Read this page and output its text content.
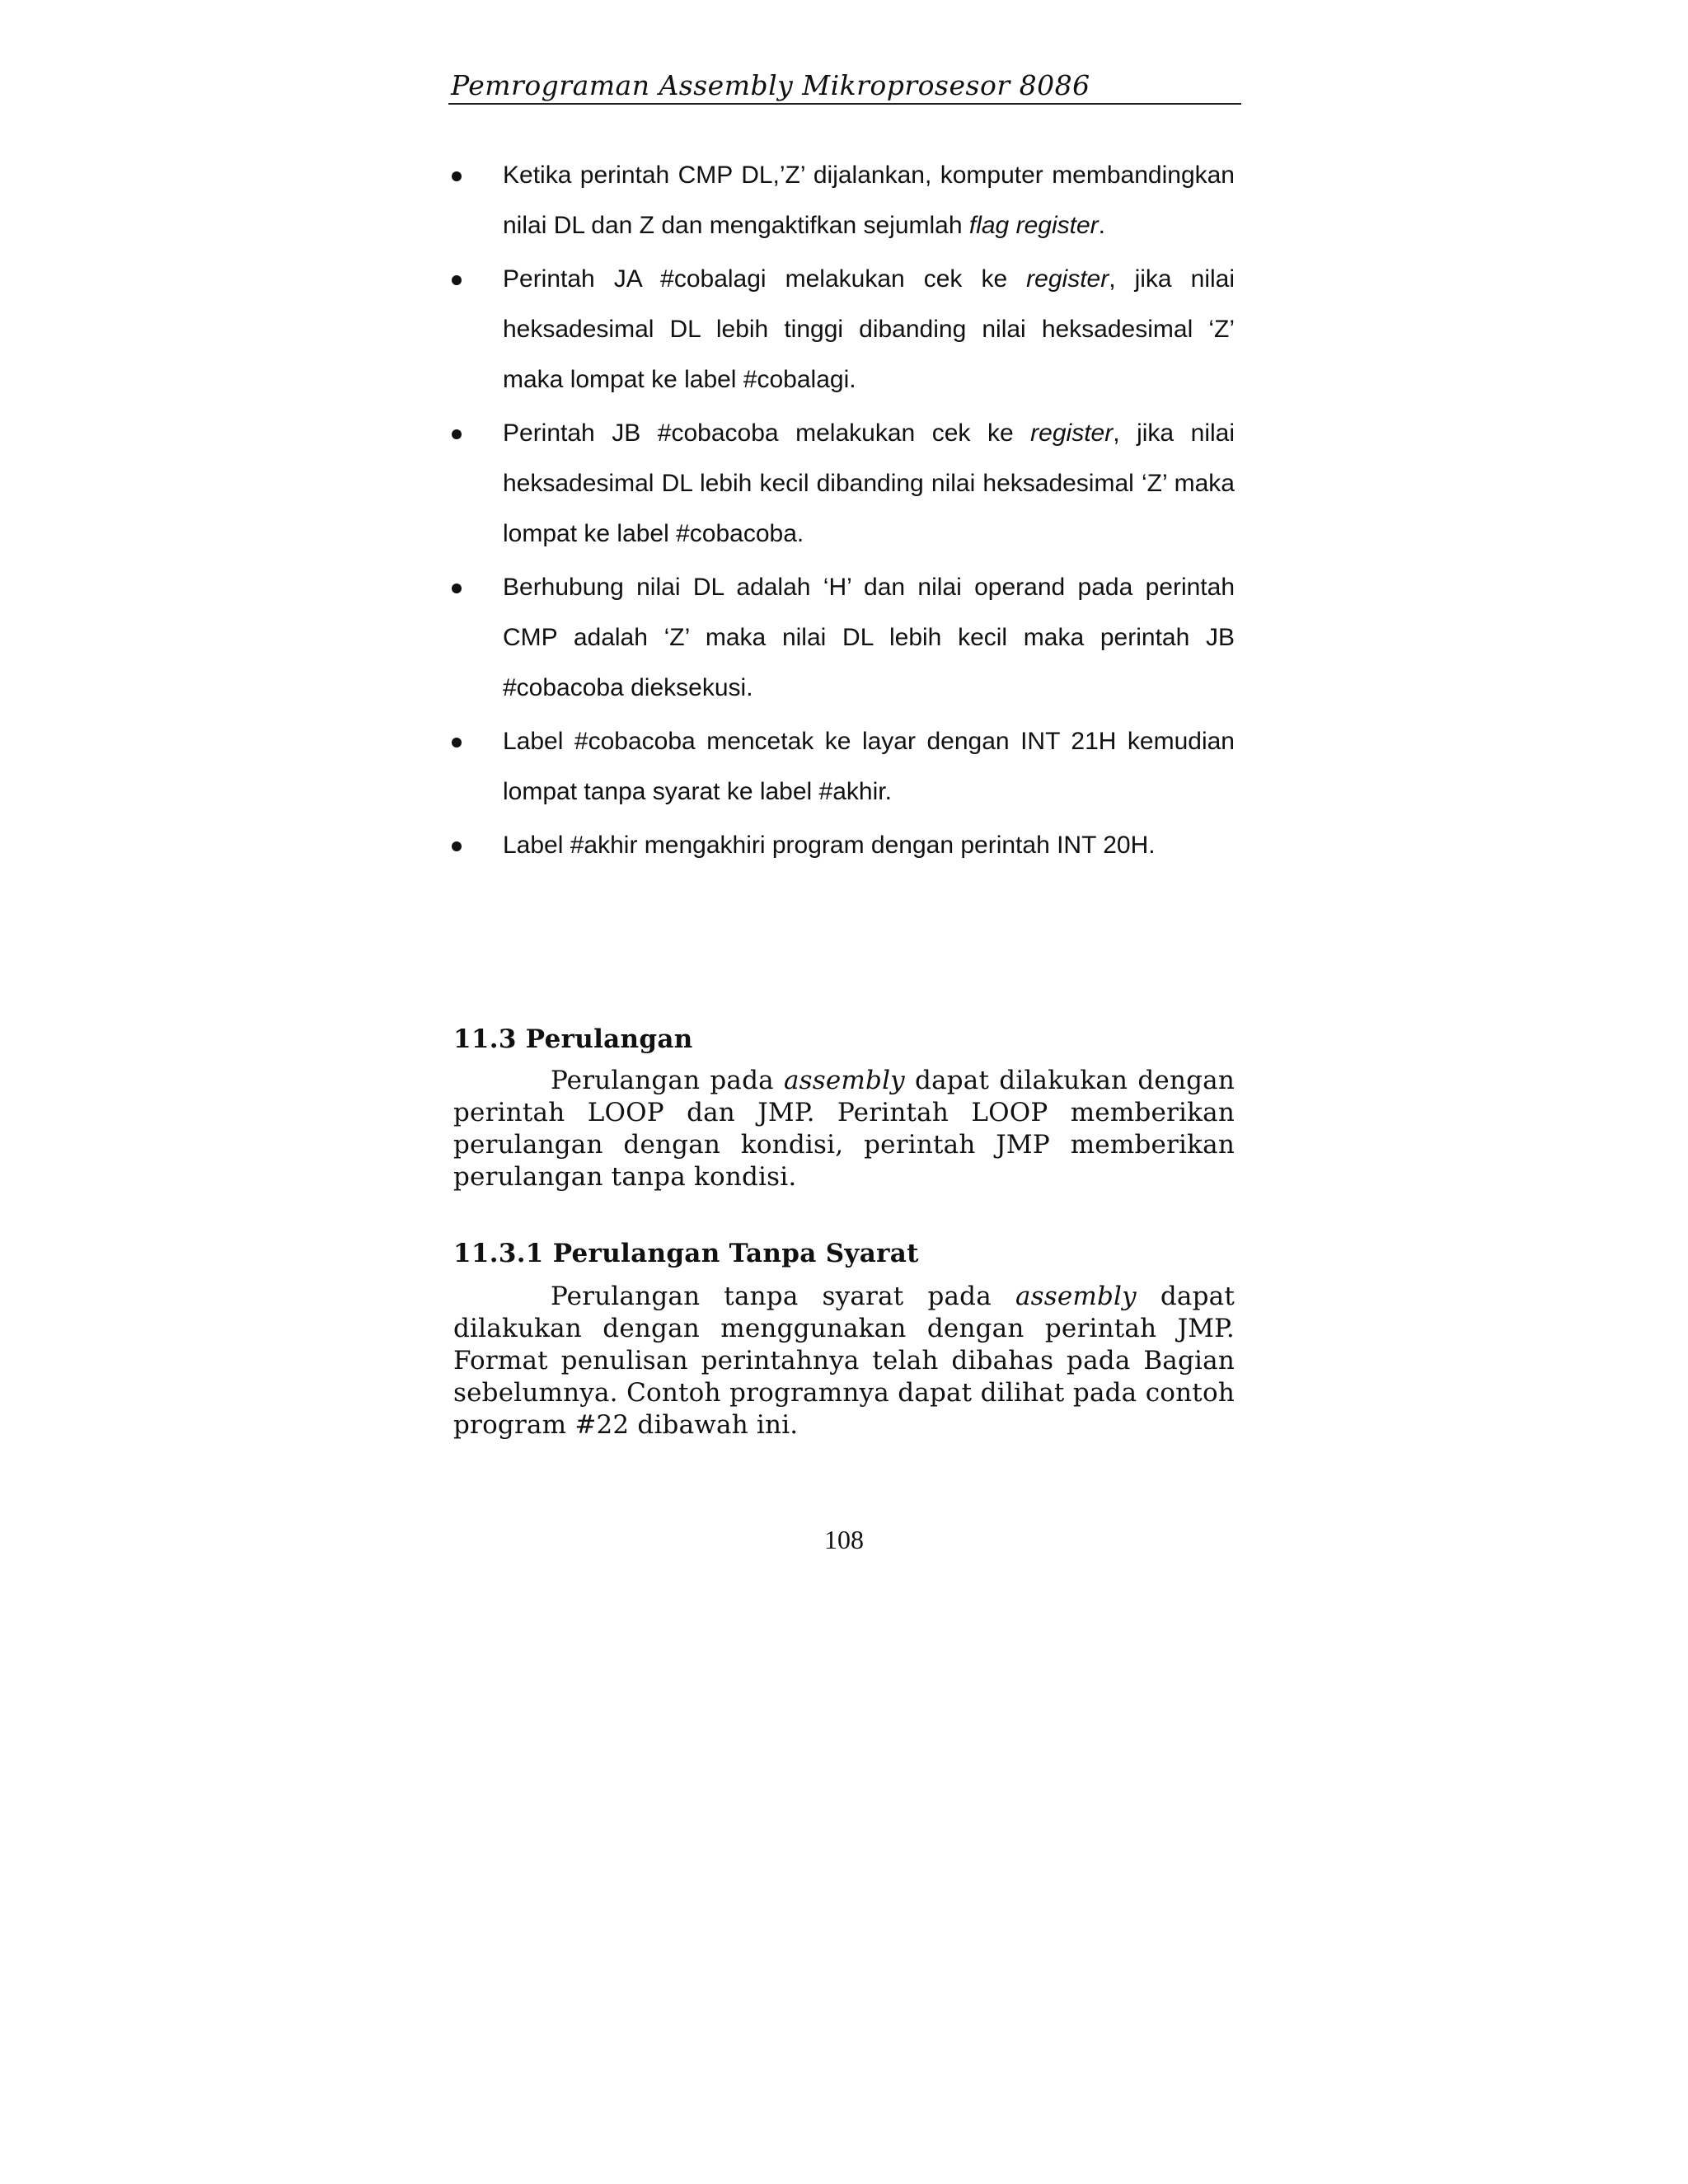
Pemrograman Assembly Mikroprosesor 8086
Ketika perintah CMP DL,’Z’ dijalankan, komputer membandingkan nilai DL dan Z dan mengaktifkan sejumlah flag register.
Perintah JA #cobalagi melakukan cek ke register, jika nilai heksadesimal DL lebih tinggi dibanding nilai heksadesimal ‘Z’ maka lompat ke label #cobalagi.
Perintah JB #cobacoba melakukan cek ke register, jika nilai heksadesimal DL lebih kecil dibanding nilai heksadesimal ‘Z’ maka lompat ke label #cobacoba.
Berhubung nilai DL adalah ‘H’ dan nilai operand pada perintah CMP adalah ‘Z’ maka nilai DL lebih kecil maka perintah JB #cobacoba dieksekusi.
Label #cobacoba mencetak ke layar dengan INT 21H kemudian lompat tanpa syarat ke label #akhir.
Label #akhir mengakhiri program dengan perintah INT 20H.
11.3 Perulangan

Perulangan pada assembly dapat dilakukan dengan perintah LOOP dan JMP. Perintah LOOP memberikan perulangan dengan kondisi, perintah JMP memberikan perulangan tanpa kondisi.

11.3.1 Perulangan Tanpa Syarat

Perulangan tanpa syarat pada assembly dapat dilakukan dengan menggunakan dengan perintah JMP. Format penulisan perintahnya telah dibahas pada Bagian sebelumnya. Contoh programnya dapat dilihat pada contoh program #22 dibawah ini.

108
